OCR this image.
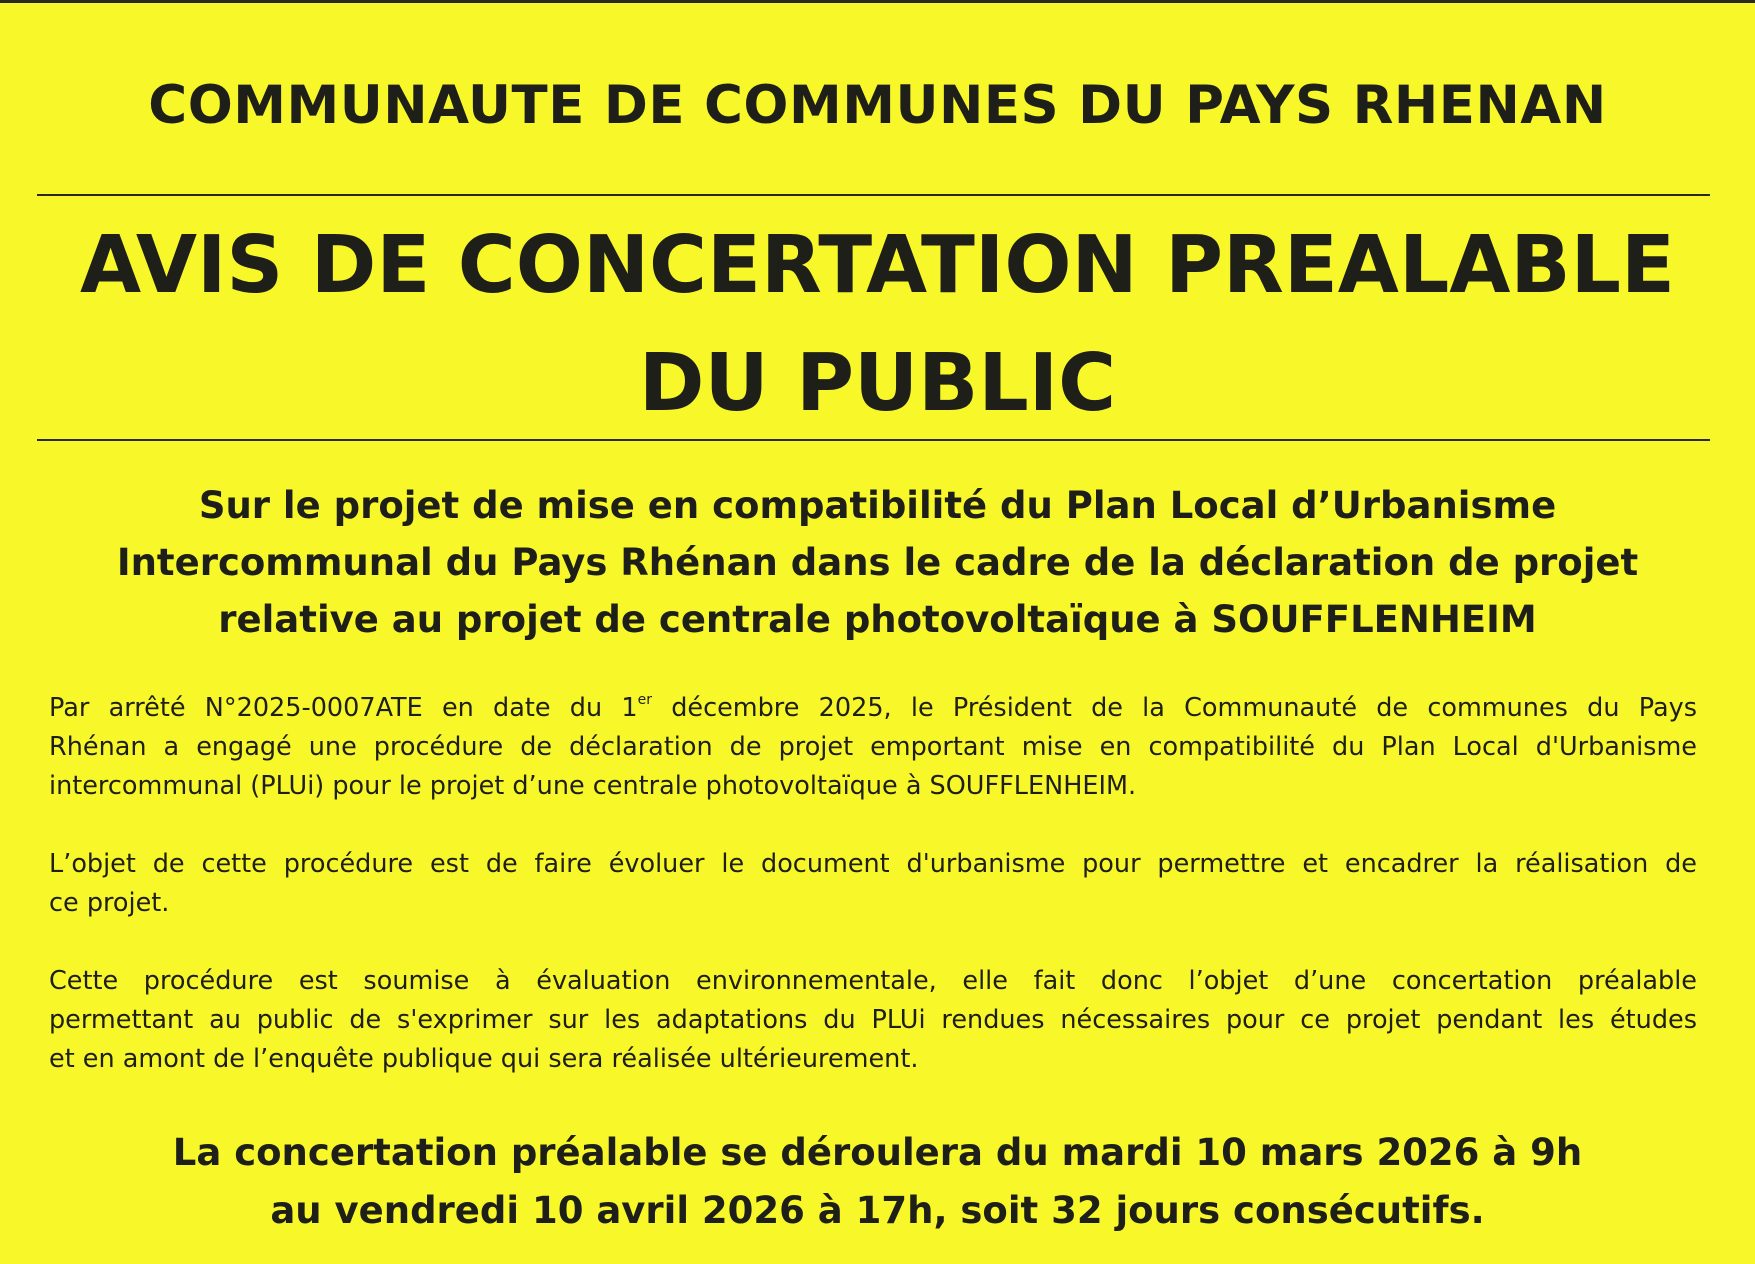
COMMUNAUTE DE COMMUNES DU PAYS RHENAN
AVIS DE CONCERTATION PREALABLE
DU PUBLIC
Sur le projet de mise en compatibilité du Plan Local d’Urbanisme
Intercommunal du Pays Rhénan dans le cadre de la déclaration de projet
relative au projet de centrale photovoltaïque à SOUFFLENHEIM

Par arrêté N°2025-0007ATE en date du 1er décembre 2025, le Président de la Communauté de communes du Pays
Rhénan a engagé une procédure de déclaration de projet emportant mise en compatibilité du Plan Local d'Urbanisme
intercommunal (PLUi) pour le projet d’une centrale photovoltaïque à SOUFFLENHEIM.

L’objet de cette procédure est de faire évoluer le document d'urbanisme pour permettre et encadrer la réalisation de
ce projet.

Cette procédure est soumise à évaluation environnementale, elle fait donc l’objet d’une concertation préalable
permettant au public de s'exprimer sur les adaptations du PLUi rendues nécessaires pour ce projet pendant les études
et en amont de l’enquête publique qui sera réalisée ultérieurement.

La concertation préalable se déroulera du mardi 10 mars 2026 à 9h
au vendredi 10 avril 2026 à 17h, soit 32 jours consécutifs.
